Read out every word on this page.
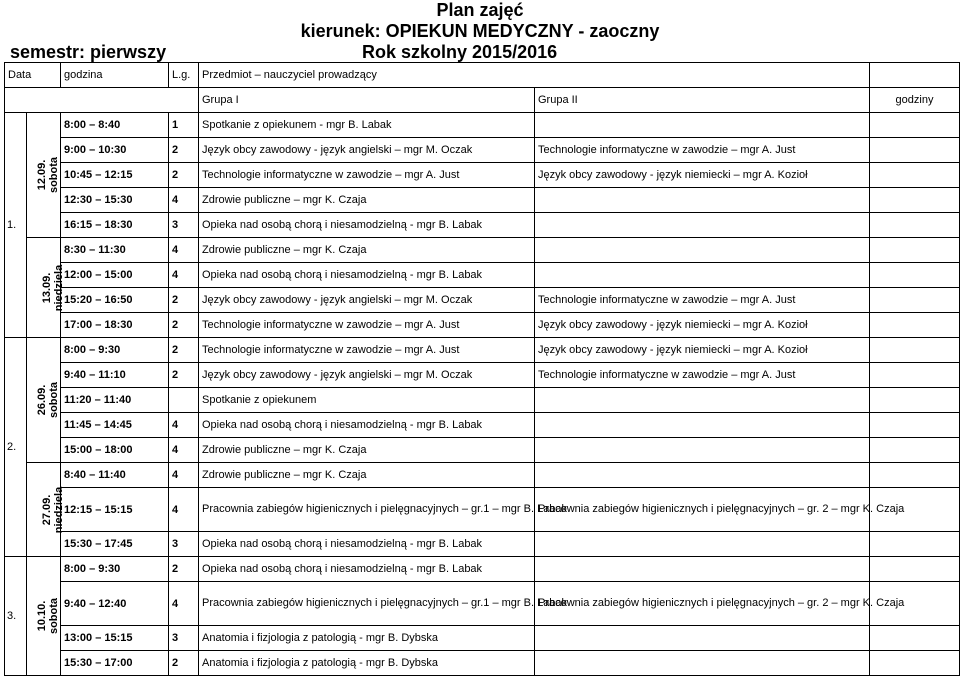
Plan zajęć
kierunek: OPIEKUN MEDYCZNY - zaoczny
semestr: pierwszy	Rok szkolny 2015/2016
Data		godzina	L.g.	Przedmiot – nauczyciel prowadzący		
				Grupa I	Grupa II	godziny
1.	12.09. sobota	8:00 – 8:40	1	Spotkanie z opiekunem - mgr B. Labak		
		9:00 – 10:30	2	Język obcy zawodowy - język angielski – mgr M. Oczak	Technologie informatyczne w zawodzie – mgr A. Just	
		10:45 – 12:15	2	Technologie informatyczne w zawodzie – mgr A. Just	Język obcy zawodowy - język niemiecki – mgr A. Kozioł	
		12:30 – 15:30	4	Zdrowie publiczne – mgr K. Czaja		
		16:15 – 18:30	3	Opieka nad osobą chorą i niesamodzielną - mgr B. Labak		

	13.09. niedziela	8:30 – 11:30	4	Zdrowie publiczne – mgr K. Czaja		
		12:00 – 15:00	4	Opieka nad osobą chorą i niesamodzielną - mgr B. Labak		
		15:20 – 16:50	2	Język obcy zawodowy - język angielski – mgr M. Oczak	Technologie informatyczne w zawodzie – mgr A. Just	
		17:00 – 18:30	2	Technologie informatyczne w zawodzie – mgr A. Just	Język obcy zawodowy - język niemiecki – mgr A. Kozioł	
2.	26.09. sobota	8:00 – 9:30	2	Technologie informatyczne w zawodzie – mgr A. Just	Język obcy zawodowy - język niemiecki – mgr A. Kozioł	
		9:40 – 11:10	2	Język obcy zawodowy - język angielski – mgr M. Oczak	Technologie informatyczne w zawodzie – mgr A. Just	
		11:20 – 11:40		Spotkanie z opiekunem		
		11:45 – 14:45	4	Opieka nad osobą chorą i niesamodzielną - mgr B. Labak		
		15:00 – 18:00	4	Zdrowie publiczne – mgr K. Czaja		

	27.09. niedziela	8:40 – 11:40	4	Zdrowie publiczne – mgr K. Czaja		
		12:15 – 15:15	4	Pracownia zabiegów higienicznych i pielęgnacyjnych – gr.1 – mgr B. Labak	Pracownia zabiegów higienicznych i pielęgnacyjnych – gr. 2 – mgr K. Czaja	
		15:30 – 17:45	3	Opieka nad osobą chorą i niesamodzielną - mgr B. Labak		
3.	10.10. sobota	8:00 – 9:30	2	Opieka nad osobą chorą i niesamodzielną - mgr B. Labak		
		9:40 – 12:40	4	Pracownia zabiegów higienicznych i pielęgnacyjnych – gr.1 – mgr B. Labak	Pracownia zabiegów higienicznych i pielęgnacyjnych – gr. 2 – mgr K. Czaja	
		13:00 – 15:15	3	Anatomia i fizjologia z patologią - mgr B. Dybska		
		15:30 – 17:00	2	Anatomia i fizjologia z patologią - mgr B. Dybska		
